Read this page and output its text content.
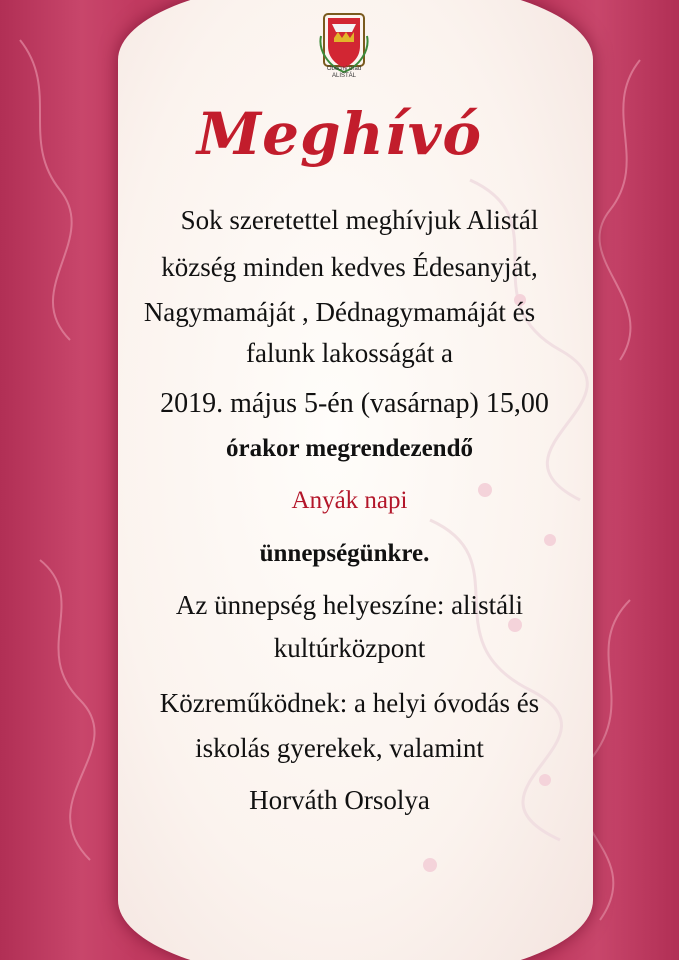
Obecný úrad
ALISTÁL
Meghívó
Sok szeretettel meghívjuk Alistál
község minden kedves Édesanyját,
Nagymamáját , Dédnagymamáját és
falunk lakosságát a
2019. május 5-én (vasárnap) 15,00
órakor megrendezendő
Anyák napi
ünnepségünkre.
Az ünnepség helyeszíne: alistáli
kultúrközpont
Közreműködnek: a helyi óvodás és
iskolás gyerekek, valamint
Horváth Orsolya
